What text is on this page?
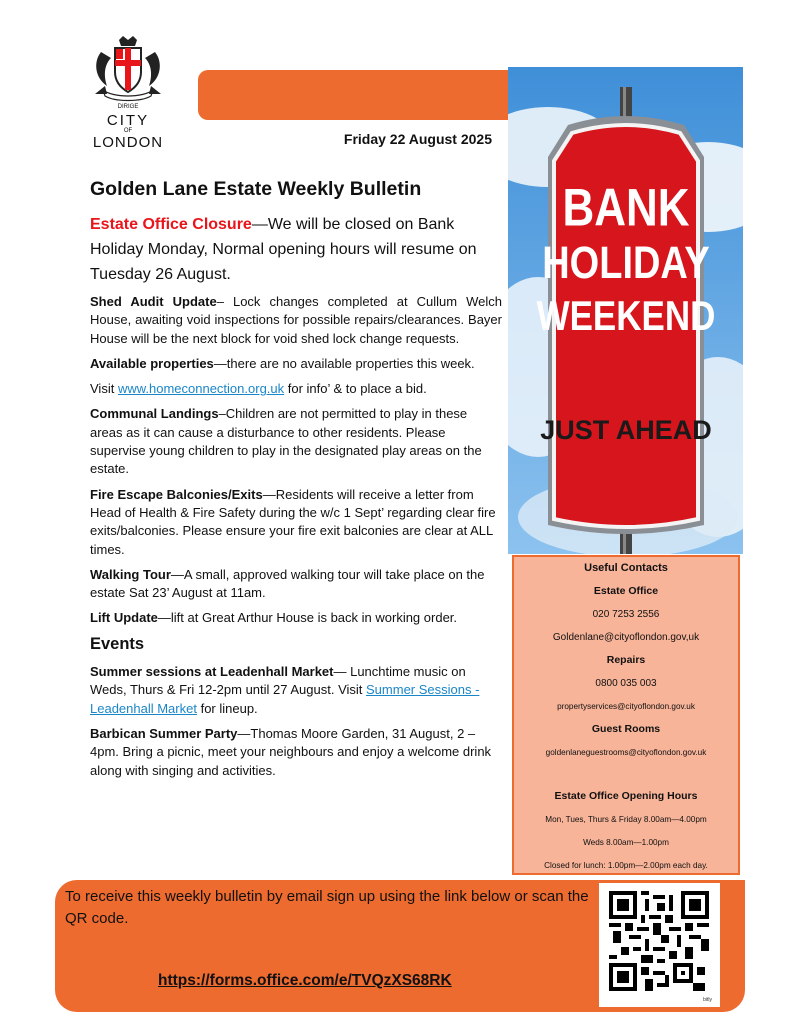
DIRIGE
CITY
OF
LONDON	Friday 22 August 2025
Golden Lane Estate Weekly Bulletin
Estate Office Closure—We will be closed on Bank Holiday Monday, Normal opening hours will resume on Tuesday 26 August.

Shed Audit Update– Lock changes completed at Cullum Welch House, awaiting void inspections for possible repairs/clearances. Bayer House will be the next block for void shed lock change requests.

Available properties—there are no available properties this week.

Visit www.homeconnection.org.uk for info’ & to place a bid.

Communal Landings–Children are not permitted to play in these areas as it can cause a disturbance to other residents. Please supervise young children to play in the designated play areas on the estate.

Fire Escape Balconies/Exits—Residents will receive a letter from Head of Health & Fire Safety during the w/c 1 Sept’ regarding clear fire exits/balconies. Please ensure your fire exit balconies are clear at ALL times.

Walking Tour—A small, approved walking tour will take place on the estate Sat 23’ August at 11am.

Lift Update—lift at Great Arthur House is back in working order.

Events

Summer sessions at Leadenhall Market— Lunchtime music on Weds, Thurs & Fri 12-2pm until 27 August. Visit Summer Sessions - Leadenhall Market for lineup.

Barbican Summer Party—Thomas Moore Garden, 31 August, 2 –4pm. Bring a picnic, meet your neighbours and enjoy a welcome drink along with singing and activities.

BANK
HOLIDAY
WEEKEND
JUST AHEAD
Useful Contacts
Estate Office
020 7253 2556
Goldenlane@cityoflondon.gov,uk
Repairs
0800 035 003
propertyservices@cityoflondon.gov.uk
Guest Rooms
goldenlaneguestrooms@cityoflondon.gov.uk
Estate Office Opening Hours
Mon, Tues, Thurs & Friday 8.00am—4.00pm
Weds 8.00am—1.00pm
Closed for lunch: 1.00pm—2.00pm each day.
To receive this weekly bulletin by email sign up using the link below or scan the QR code.
https://forms.office.com/e/TVQzXS68RK
bitly
